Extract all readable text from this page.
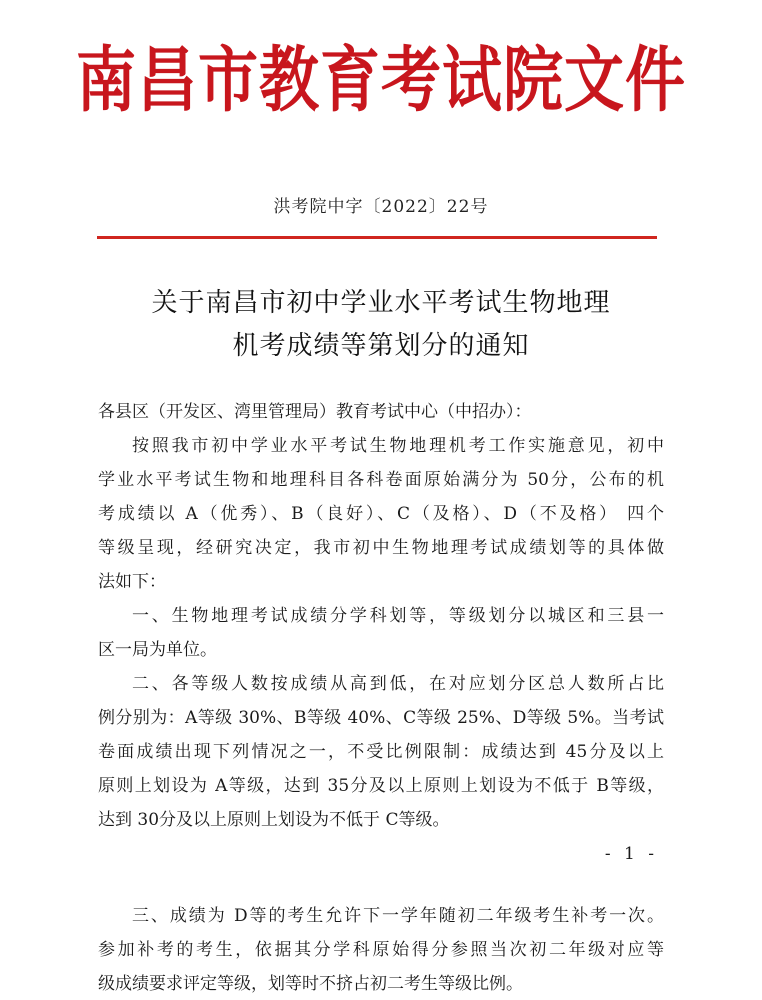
南昌市教育考试院文件
洪考院中字〔2022〕22号
关于南昌市初中学业水平考试生物地理
机考成绩等第划分的通知
各县区（开发区、湾里管理局）教育考试中心（中招办）：
按照我市初中学业水平考试生物地理机考工作实施意见，初中
学业水平考试生物和地理科目各科卷面原始满分为 50分，公布的机
考成绩以 A（优秀）、B（良好）、C（及格）、D（不及格） 四个
等级呈现，经研究决定，我市初中生物地理考试成绩划等的具体做
法如下：
一、生物地理考试成绩分学科划等，等级划分以城区和三县一
区一局为单位。
二、各等级人数按成绩从高到低，在对应划分区总人数所占比
例分别为：A等级 30%、B等级 40%、C等级 25%、D等级 5%。当考试
卷面成绩出现下列情况之一，不受比例限制：成绩达到 45分及以上
原则上划设为 A等级，达到 35分及以上原则上划设为不低于 B等级，
达到 30分及以上原则上划设为不低于 C等级。
- 1 -
三、成绩为 D等的考生允许下一学年随初二年级考生补考一次。
参加补考的考生，依据其分学科原始得分参照当次初二年级对应等
级成绩要求评定等级，划等时不挤占初二考生等级比例。
